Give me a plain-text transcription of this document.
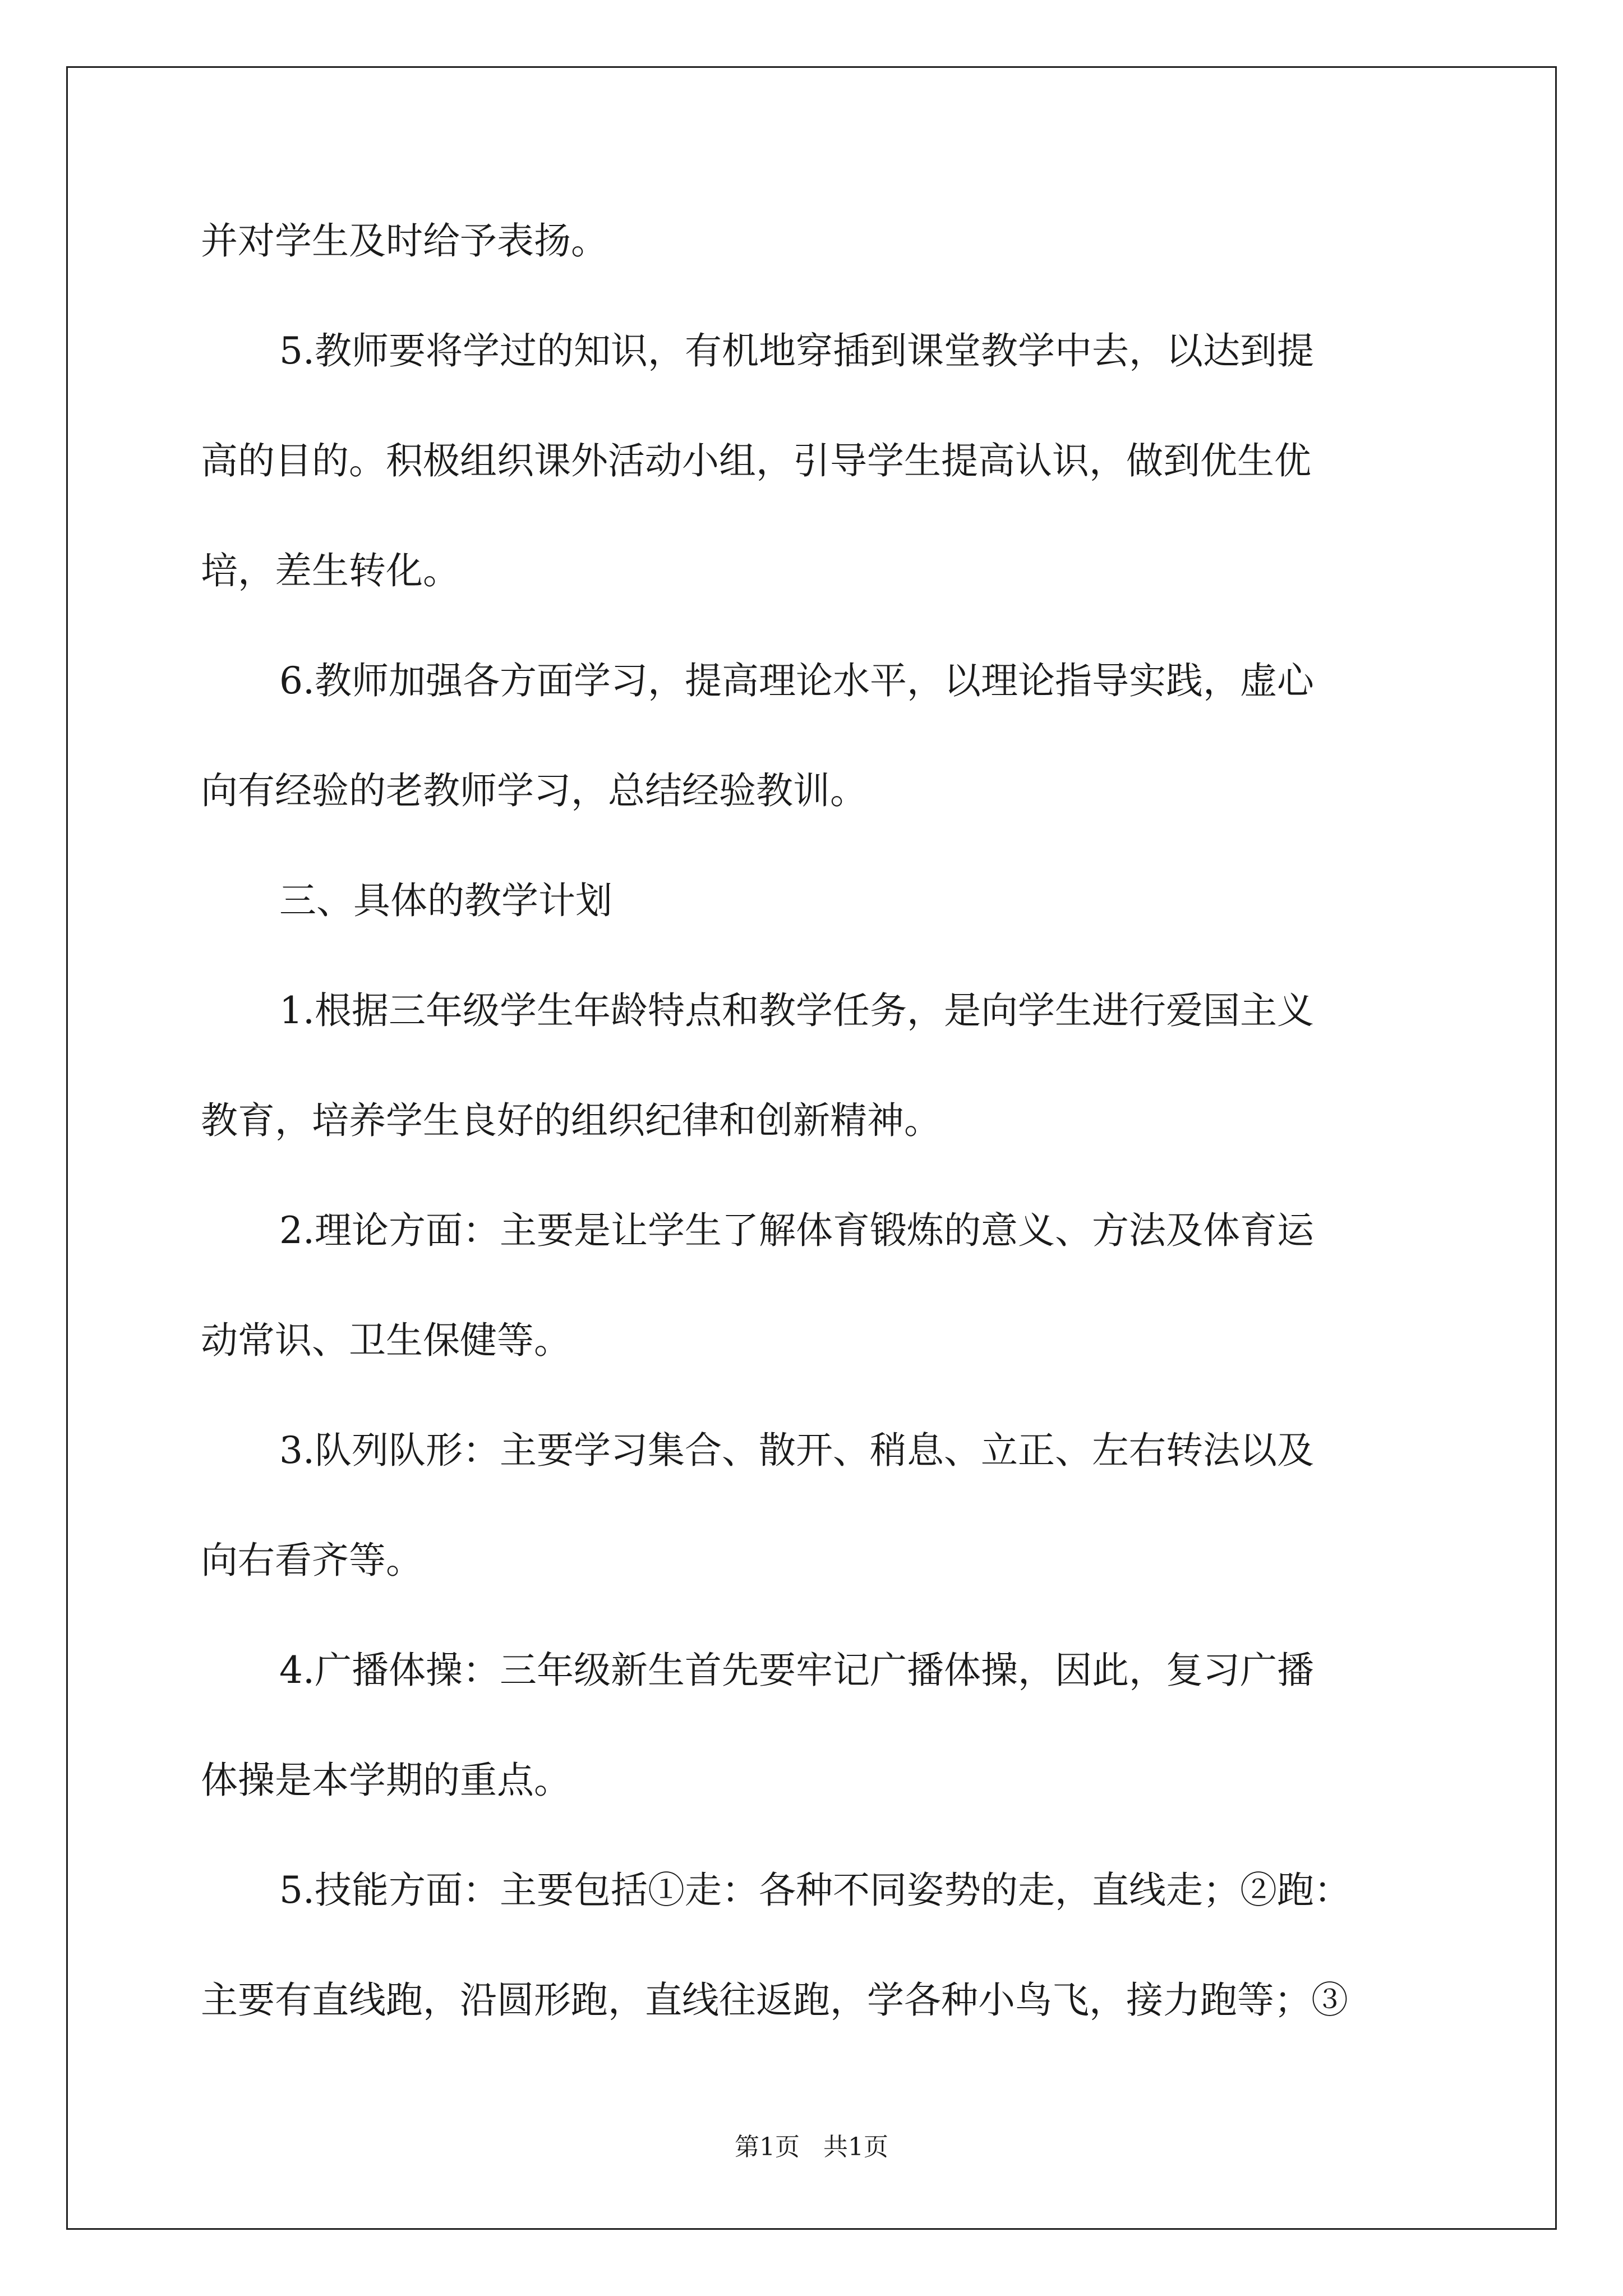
并对学生及时给予表扬。
5.教师要将学过的知识，有机地穿插到课堂教学中去，以达到提
高的目的。积极组织课外活动小组，引导学生提高认识，做到优生优
培，差生转化。
6.教师加强各方面学习，提高理论水平，以理论指导实践，虚心
向有经验的老教师学习，总结经验教训。
三、具体的教学计划
1.根据三年级学生年龄特点和教学任务，是向学生进行爱国主义
教育，培养学生良好的组织纪律和创新精神。
2.理论方面：主要是让学生了解体育锻炼的意义、方法及体育运
动常识、卫生保健等。
3.队列队形：主要学习集合、散开、稍息、立正、左右转法以及
向右看齐等。
4.广播体操：三年级新生首先要牢记广播体操，因此，复习广播
体操是本学期的重点。
5.技能方面：主要包括①走：各种不同姿势的走，直线走；②跑：
主要有直线跑，沿圆形跑，直线往返跑，学各种小鸟飞，接力跑等；③
第1页 共1页
